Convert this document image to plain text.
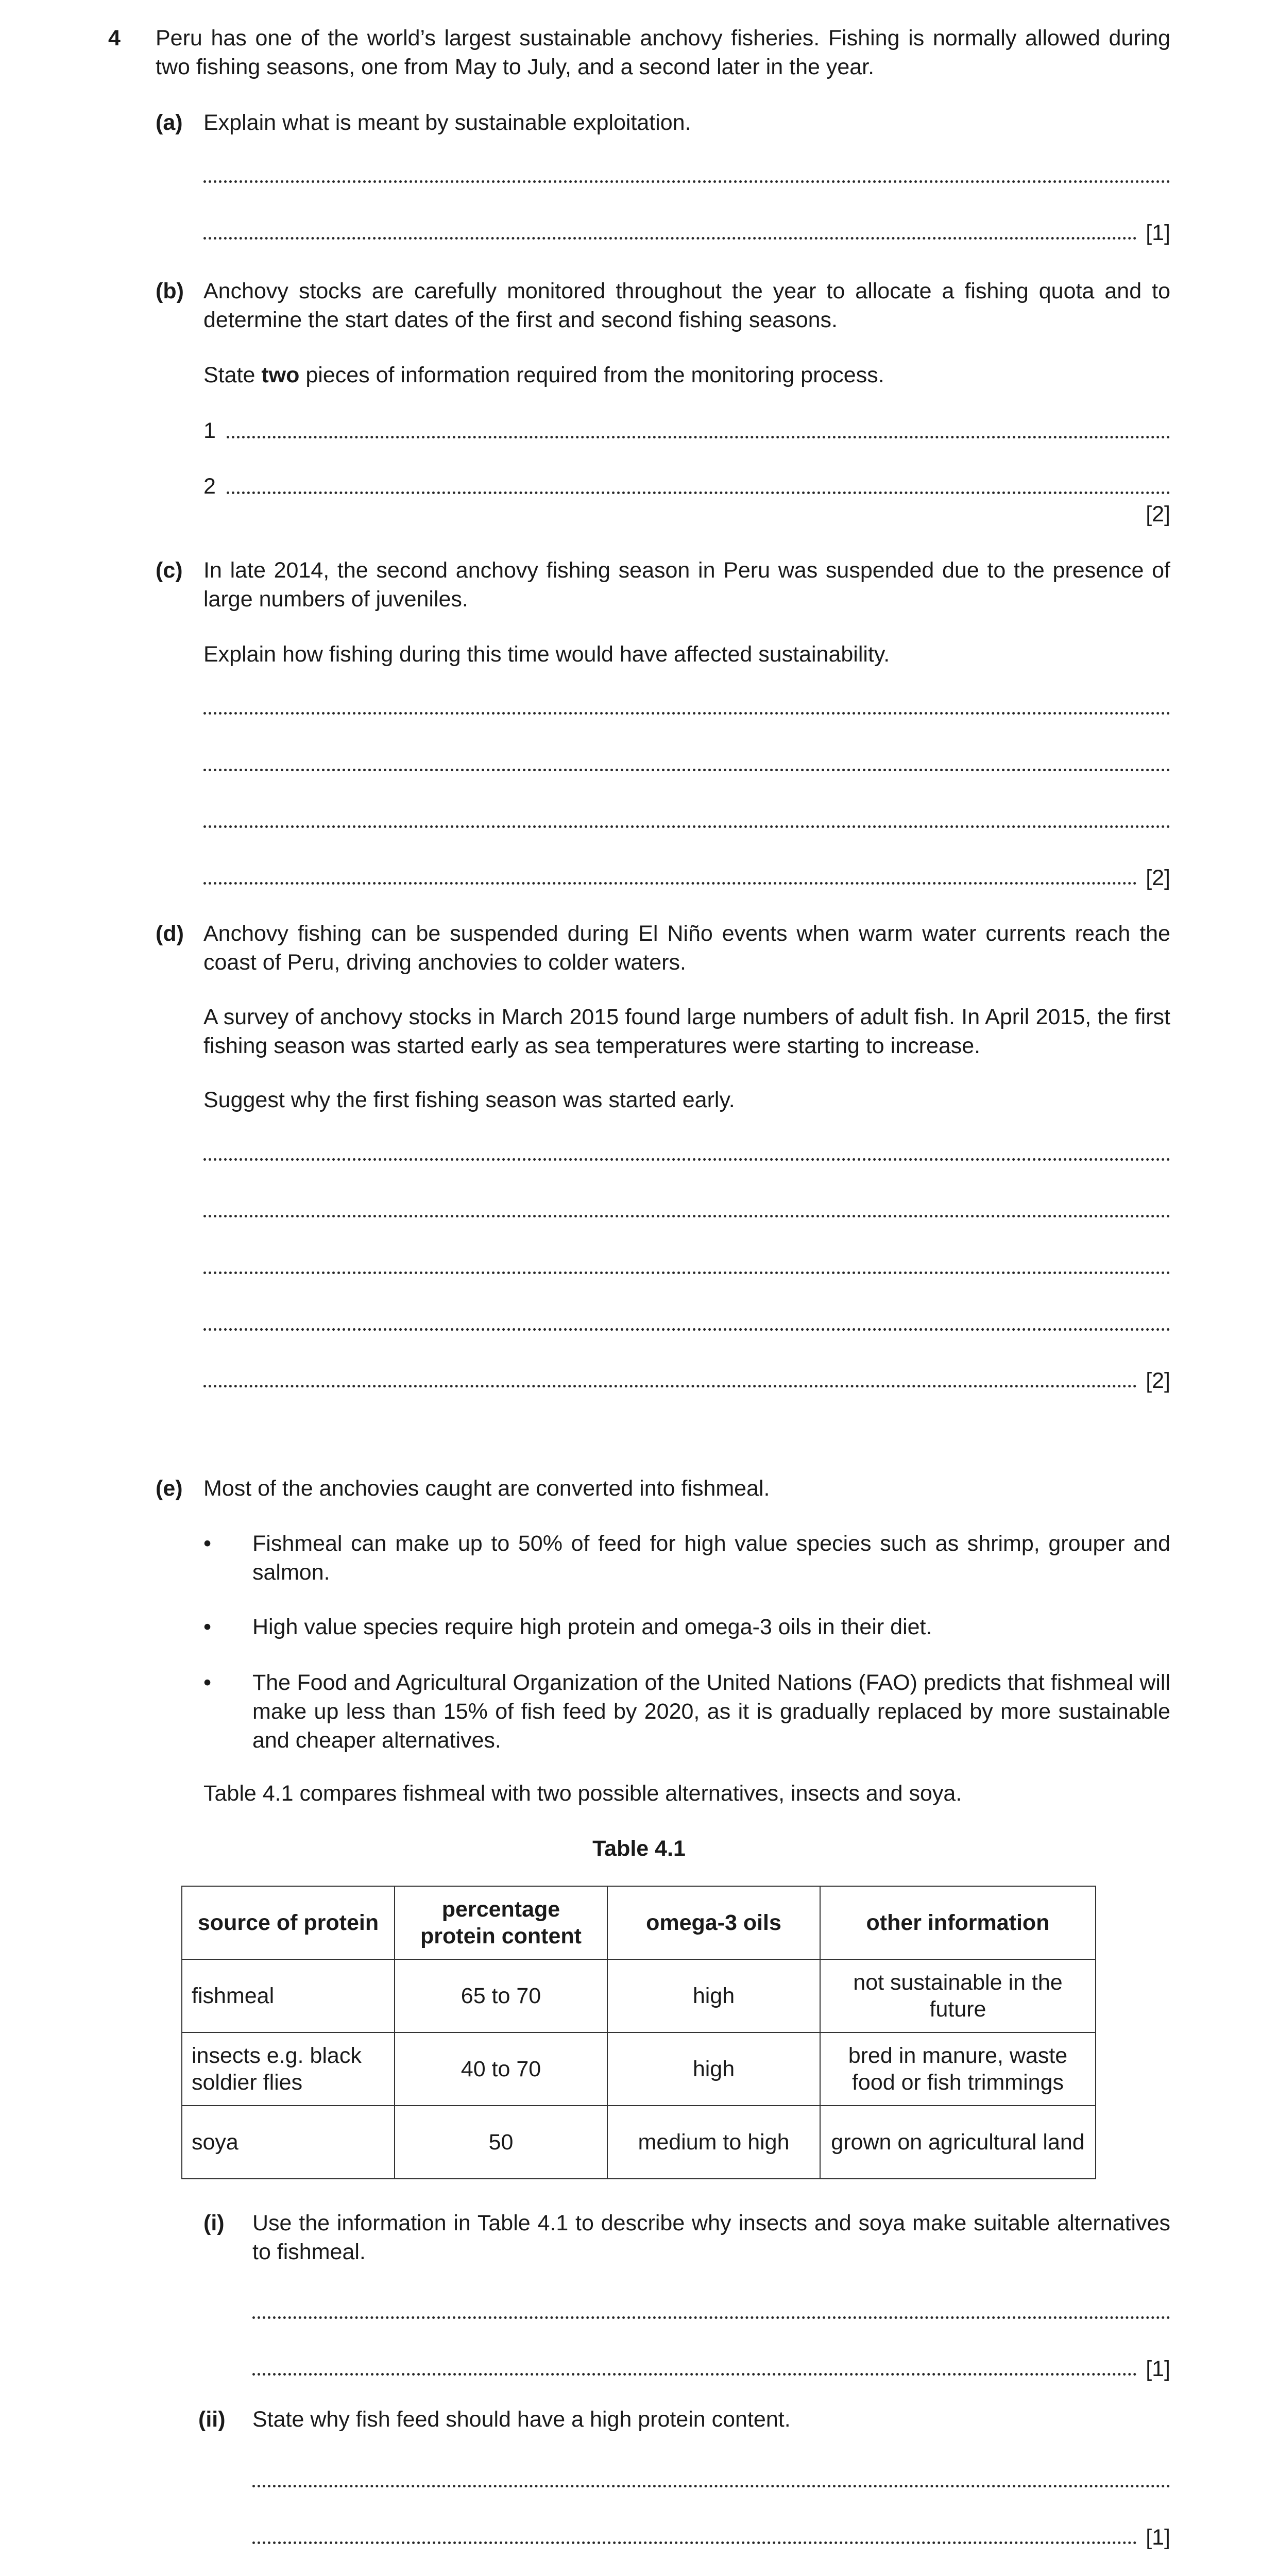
4 Peru has one of the world’s largest sustainable anchovy fisheries. Fishing is normally allowed during two fishing seasons, one from May to July, and a second later in the year.
(a) Explain what is meant by sustainable exploitation.
[1]
(b) Anchovy stocks are carefully monitored throughout the year to allocate a fishing quota and to determine the start dates of the first and second fishing seasons.
State two pieces of information required from the monitoring process.
1
2
[2]
(c) In late 2014, the second anchovy fishing season in Peru was suspended due to the presence of large numbers of juveniles.
Explain how fishing during this time would have affected sustainability.
[2]
(d) Anchovy fishing can be suspended during El Niño events when warm water currents reach the coast of Peru, driving anchovies to colder waters.
A survey of anchovy stocks in March 2015 found large numbers of adult fish. In April 2015, the first fishing season was started early as sea temperatures were starting to increase.
Suggest why the first fishing season was started early.
[2]
(e) Most of the anchovies caught are converted into fishmeal.
• Fishmeal can make up to 50% of feed for high value species such as shrimp, grouper and salmon.
• High value species require high protein and omega-3 oils in their diet.
• The Food and Agricultural Organization of the United Nations (FAO) predicts that fishmeal will make up less than 15% of fish feed by 2020, as it is gradually replaced by more sustainable and cheaper alternatives.
Table 4.1 compares fishmeal with two possible alternatives, insects and soya.
Table 4.1
source of protein	percentage protein content	omega-3 oils	other information
fishmeal	65 to 70	high	not sustainable in the future
insects e.g. black soldier flies	40 to 70	high	bred in manure, waste food or fish trimmings
soya	50	medium to high	grown on agricultural land
(i) Use the information in Table 4.1 to describe why insects and soya make suitable alternatives to fishmeal.
[1]
(ii) State why fish feed should have a high protein content.
[1]
